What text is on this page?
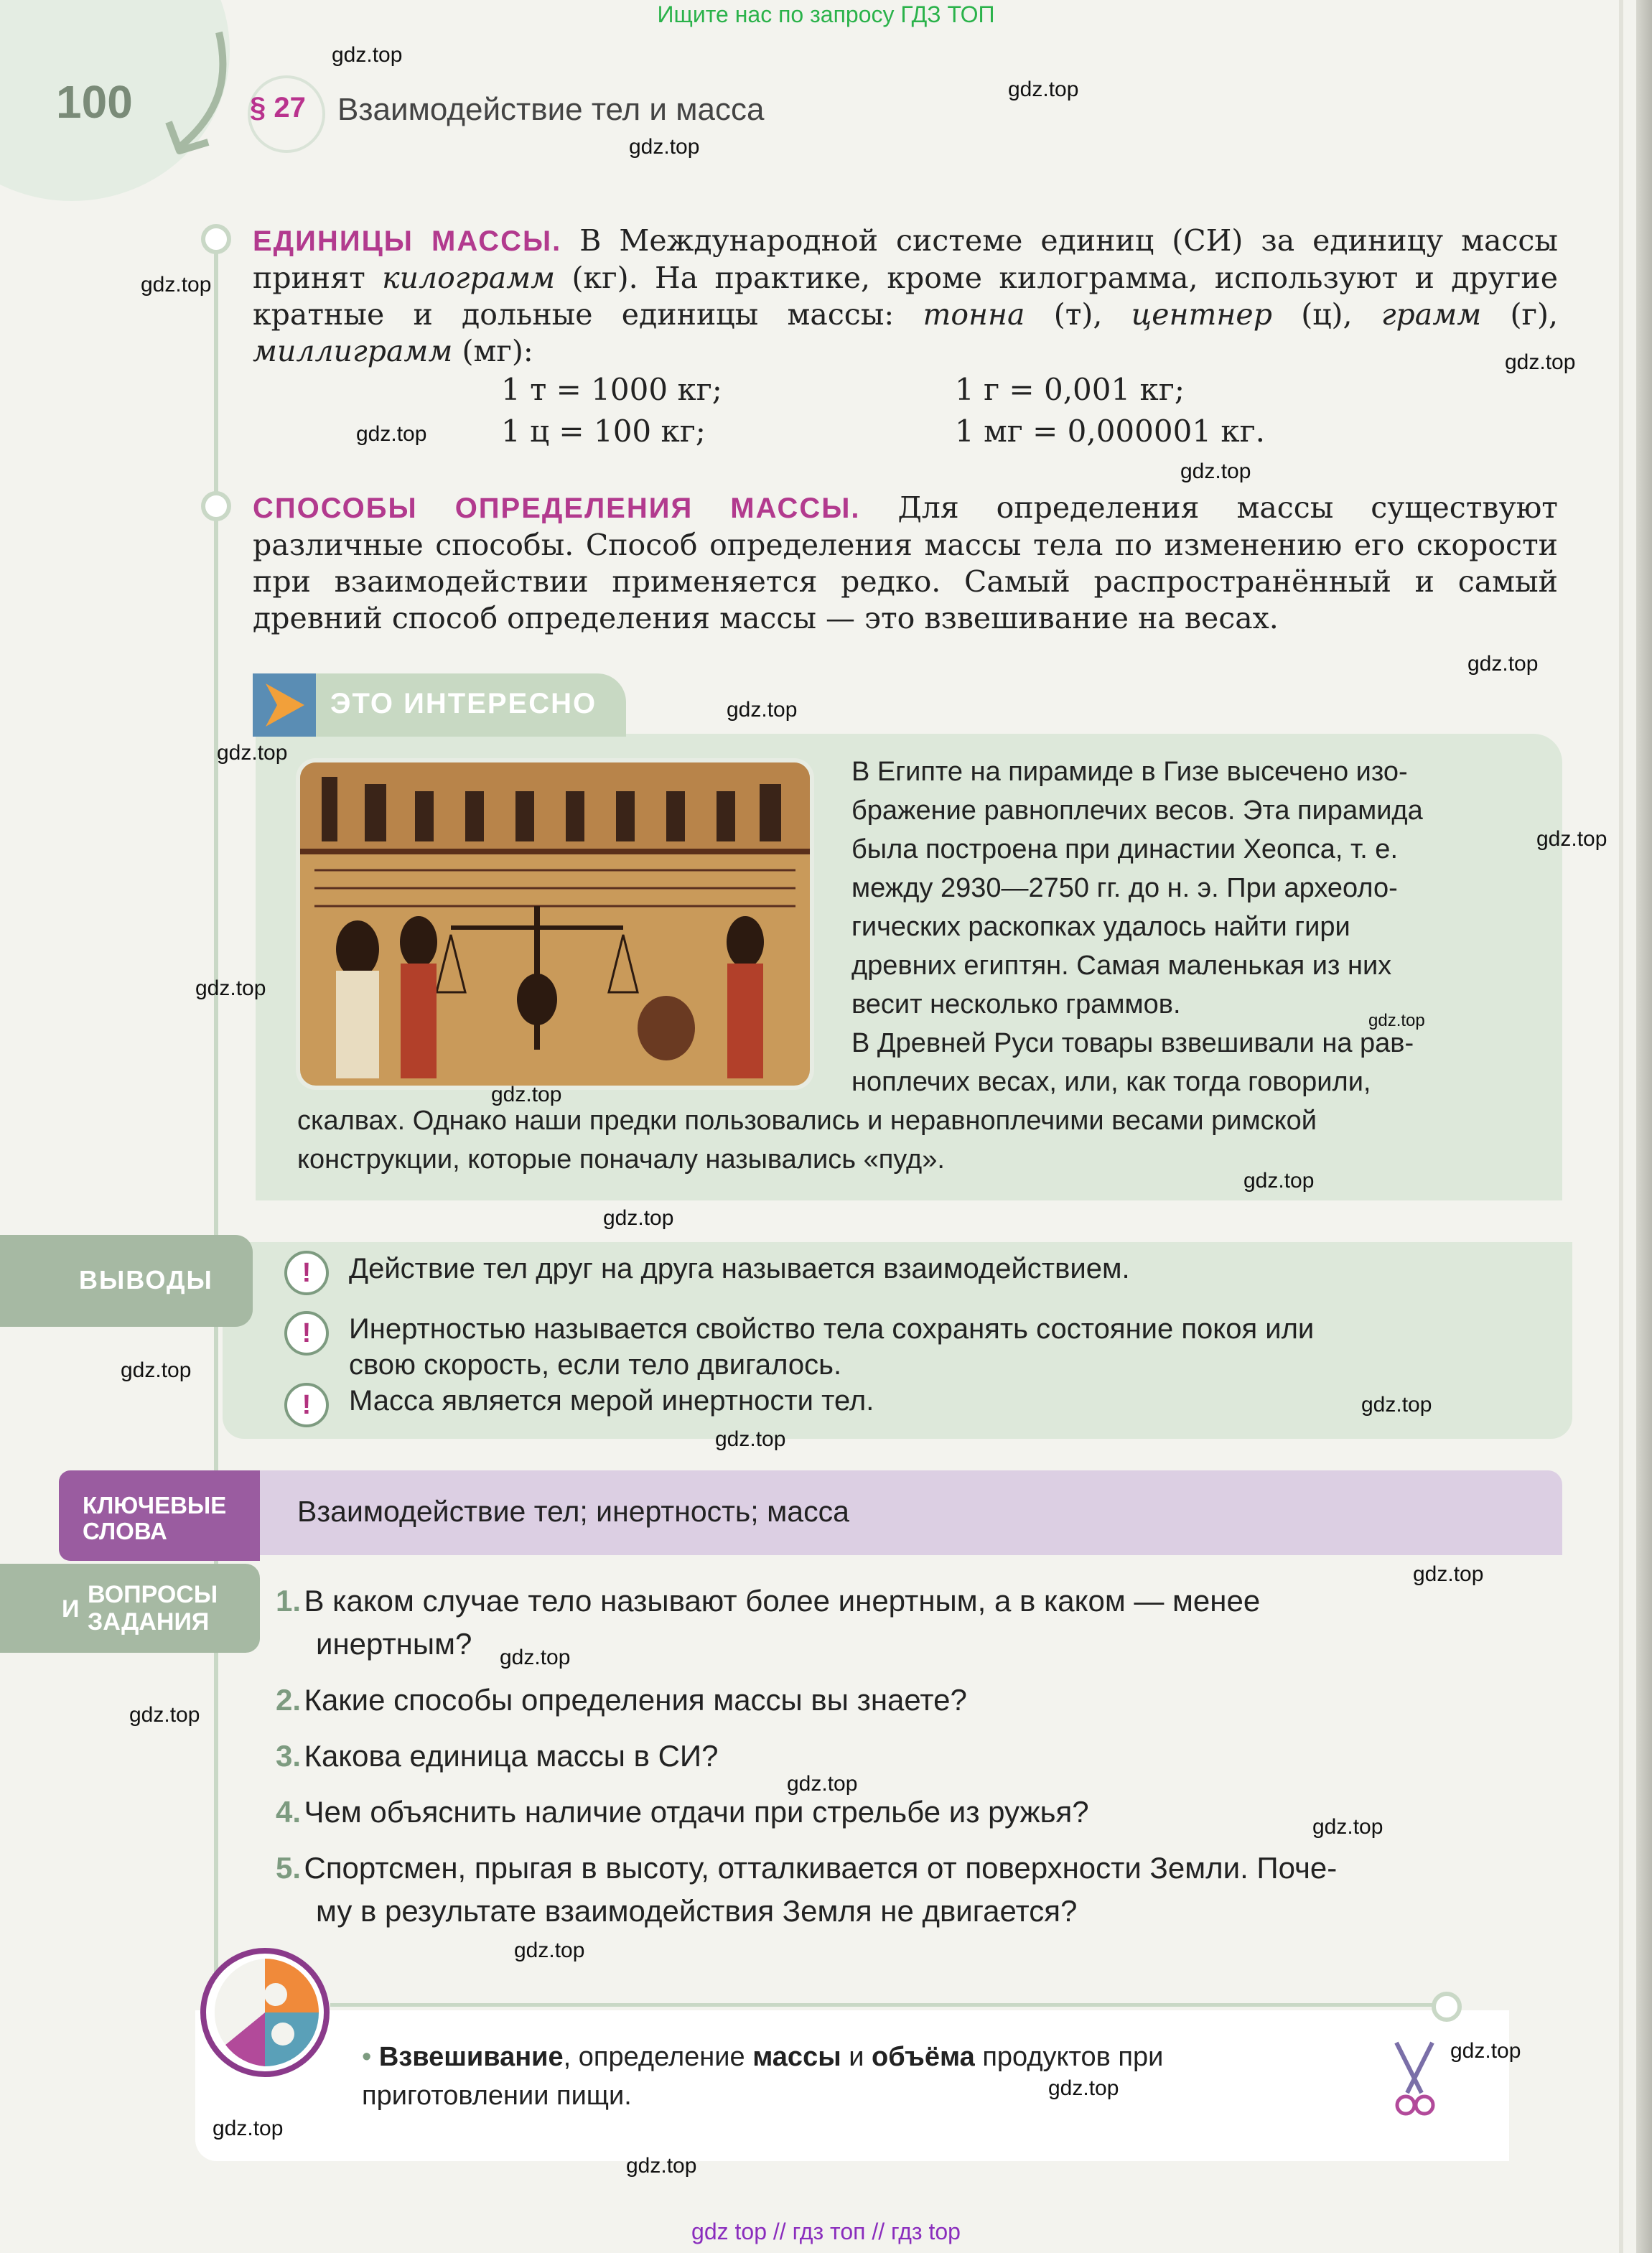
Ищите нас по запросу ГДЗ ТОП
100	§ 27 Взаимодействие тел и масса
ЕДИНИЦЫ МАССЫ. В Международной системе единиц (СИ) за единицу массы принят килограмм (кг). На практике, кроме килограмма, используют и другие кратные и дольные единицы массы: тонна (т), центнер (ц), грамм (г), миллиграмм (мг):
1 т = 1000 кг;	1 г = 0,001 кг;
1 ц = 100 кг;	1 мг = 0,000001 кг.
СПОСОБЫ ОПРЕДЕЛЕНИЯ МАССЫ. Для определения массы существуют различные способы. Способ определения массы тела по изменению его скорости при взаимодействии применяется редко. Самый распространённый и самый древний способ определения массы — это взвешивание на весах.
ЭТО ИНТЕРЕСНО
В Египте на пирамиде в Гизе высечено изо-
бражение равноплечих весов. Эта пирамида
была построена при династии Хеопса, т. е.
между 2930—2750 гг. до н. э. При археоло-
гических раскопках удалось найти гири
древних египтян. Самая маленькая из них
весит несколько граммов.
В Древней Руси товары взвешивали на рав-
ноплечих весах, или, как тогда говорили,
скалвах. Однако наши предки пользовались и неравноплечими весами римской
конструкции, которые поначалу назывались «пуд».
ВЫВОДЫ	!	Действие тел друг на друга называется взаимодействием.
!	Инертностью называется свойство тела сохранять состояние покоя или
свою скорость, если тело двигалось.
!	Масса является мерой инертности тел.
КЛЮЧЕВЫЕ
СЛОВА
Взаимодействие тел; инертность; масса
И
ВОПРОСЫ
ЗАДАНИЯ
1. В каком случае тело называют более инертным, а в каком — менее
инертным?
2. Какие способы определения массы вы знаете?
3. Какова единица массы в СИ?
4. Чем объяснить наличие отдачи при стрельбе из ружья?
5. Спортсмен, прыгая в высоту, отталкивается от поверхности Земли. Поче-
му в результате взаимодействия Земля не двигается?
• Взвешивание, определение массы и объёма продуктов при
приготовлении пищи.
gdz.top
gdz.top
gdz.top
gdz.top
gdz.top
gdz.top
gdz.top
gdz.top
gdz.top
gdz.top
gdz.top
gdz.top
gdz.top
gdz.top
gdz.top
gdz.top
gdz.top
gdz.top
gdz.top
gdz.top
gdz.top
gdz.top
gdz.top
gdz.top
gdz.top
gdz.top
gdz.top
gdz.top
gdz.top
gdz top // гдз топ // гдз top
